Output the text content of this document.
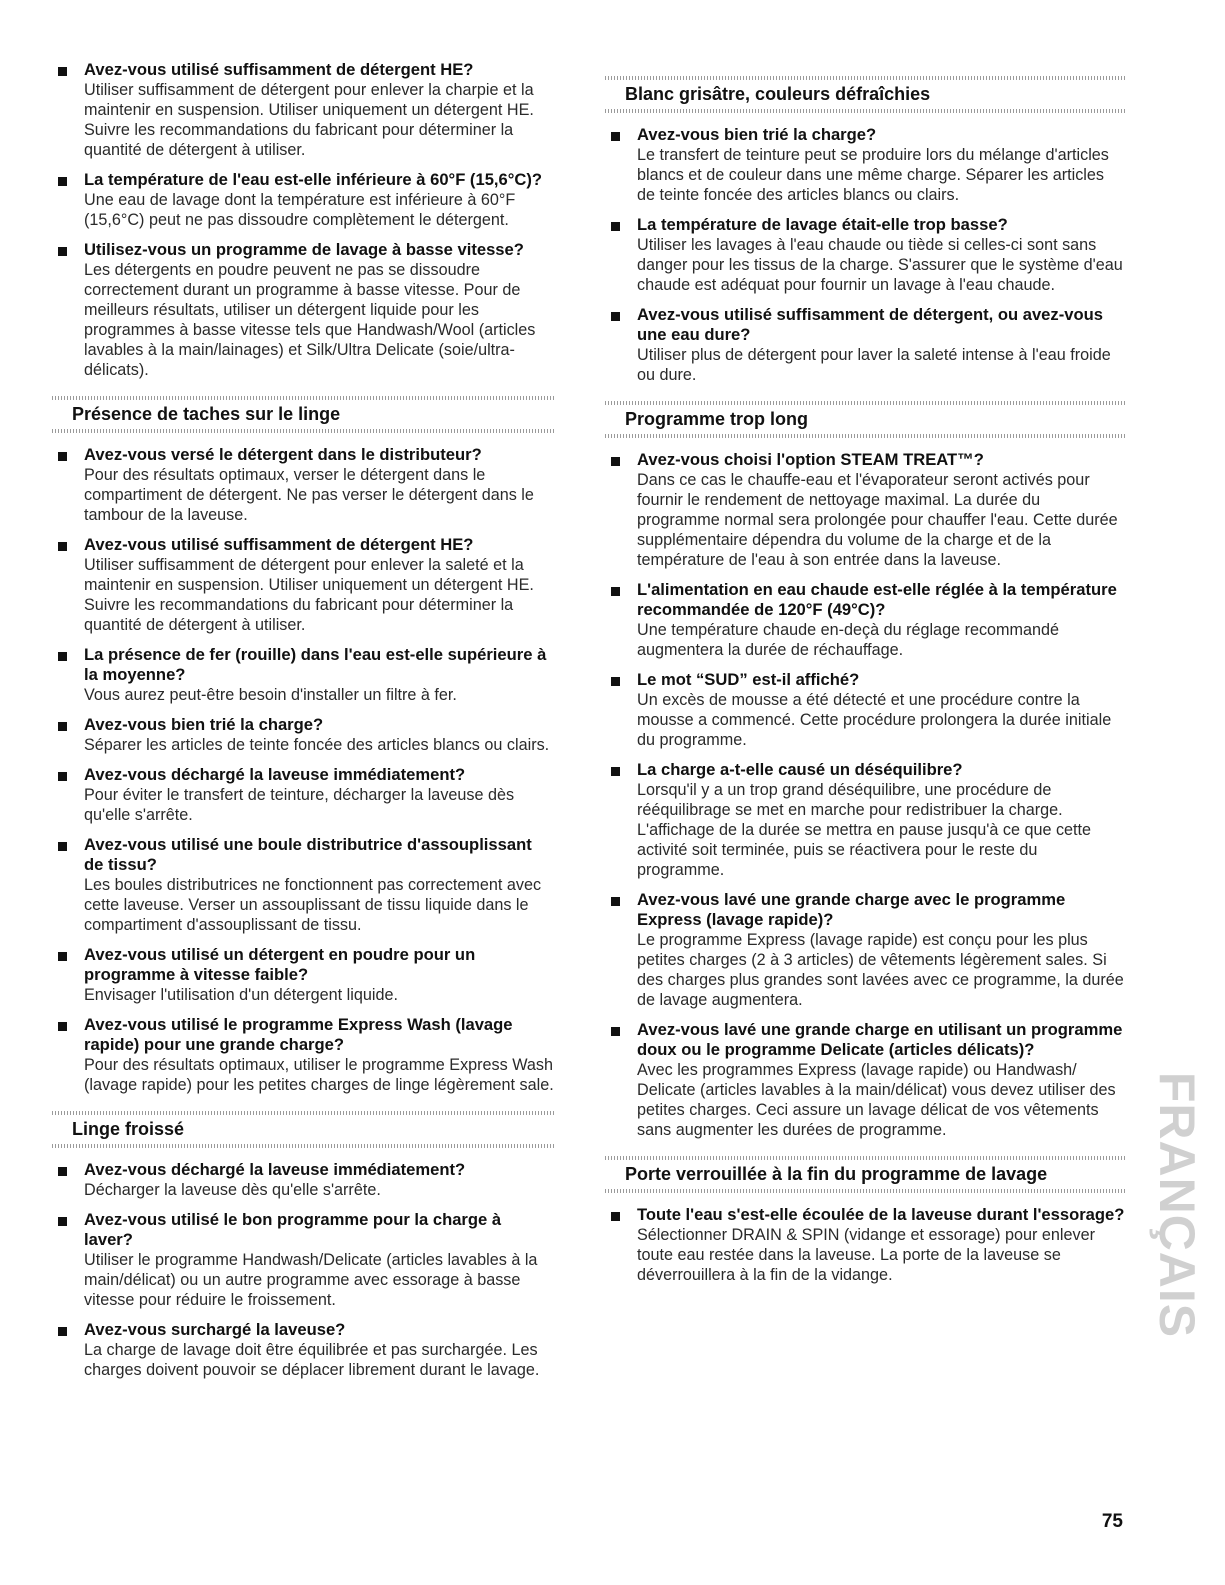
Avez-vous utilisé suffisamment de détergent HE?
Utiliser suffisamment de détergent pour enlever la charpie et la maintenir en suspension. Utiliser uniquement un détergent HE. Suivre les recommandations du fabricant pour déterminer la quantité de détergent à utiliser.
La température de l'eau est-elle inférieure à 60°F (15,6°C)?
Une eau de lavage dont la température est inférieure à 60°F (15,6°C) peut ne pas dissoudre complètement le détergent.
Utilisez-vous un programme de lavage à basse vitesse?
Les détergents en poudre peuvent ne pas se dissoudre correctement durant un programme à basse vitesse. Pour de meilleurs résultats, utiliser un détergent liquide pour les programmes à basse vitesse tels que Handwash/Wool (articles lavables à la main/lainages) et Silk/Ultra Delicate (soie/ultra-délicats).
Présence de taches sur le linge
Avez-vous versé le détergent dans le distributeur?
Pour des résultats optimaux, verser le détergent dans le compartiment de détergent. Ne pas verser le détergent dans le tambour de la laveuse.
Avez-vous utilisé suffisamment de détergent HE?
Utiliser suffisamment de détergent pour enlever la saleté et la maintenir en suspension. Utiliser uniquement un détergent HE. Suivre les recommandations du fabricant pour déterminer la quantité de détergent à utiliser.
La présence de fer (rouille) dans l'eau est-elle supérieure à la moyenne?
Vous aurez peut-être besoin d'installer un filtre à fer.
Avez-vous bien trié la charge?
Séparer les articles de teinte foncée des articles blancs ou clairs.
Avez-vous déchargé la laveuse immédiatement?
Pour éviter le transfert de teinture, décharger la laveuse dès qu'elle s'arrête.
Avez-vous utilisé une boule distributrice d'assouplissant de tissu?
Les boules distributrices ne fonctionnent pas correctement avec cette laveuse. Verser un assouplissant de tissu liquide dans le compartiment d'assouplissant de tissu.
Avez-vous utilisé un détergent en poudre pour un programme à vitesse faible?
Envisager l'utilisation d'un détergent liquide.
Avez-vous utilisé le programme Express Wash (lavage rapide) pour une grande charge?
Pour des résultats optimaux, utiliser le programme Express Wash (lavage rapide) pour les petites charges de linge légèrement sale.
Linge froissé
Avez-vous déchargé la laveuse immédiatement?
Décharger la laveuse dès qu'elle s'arrête.
Avez-vous utilisé le bon programme pour la charge à laver?
Utiliser le programme Handwash/Delicate (articles lavables à la main/délicat) ou un autre programme avec essorage à basse vitesse pour réduire le froissement.
Avez-vous surchargé la laveuse?
La charge de lavage doit être équilibrée et pas surchargée. Les charges doivent pouvoir se déplacer librement durant le lavage.
Blanc grisâtre, couleurs défraîchies
Avez-vous bien trié la charge?
Le transfert de teinture peut se produire lors du mélange d'articles blancs et de couleur dans une même charge. Séparer les articles de teinte foncée des articles blancs ou clairs.
La température de lavage était-elle trop basse?
Utiliser les lavages à l'eau chaude ou tiède si celles-ci sont sans danger pour les tissus de la charge. S'assurer que le système d'eau chaude est adéquat pour fournir un lavage à l'eau chaude.
Avez-vous utilisé suffisamment de détergent, ou avez-vous une eau dure?
Utiliser plus de détergent pour laver la saleté intense à l'eau froide ou dure.
Programme trop long
Avez-vous choisi l'option STEAM TREAT™?
Dans ce cas le chauffe-eau et l'évaporateur seront activés pour fournir le rendement de nettoyage maximal. La durée du programme normal sera prolongée pour chauffer l'eau. Cette durée supplémentaire dépendra du volume de la charge et de la température de l'eau à son entrée dans la laveuse.
L'alimentation en eau chaude est-elle réglée à la température recommandée de 120°F (49°C)?
Une température chaude en-deçà du réglage recommandé augmentera la durée de réchauffage.
Le mot “SUD” est-il affiché?
Un excès de mousse a été détecté et une procédure contre la mousse a commencé. Cette procédure prolongera la durée initiale du programme.
La charge a-t-elle causé un déséquilibre?
Lorsqu'il y a un trop grand déséquilibre, une procédure de rééquilibrage se met en marche pour redistribuer la charge. L'affichage de la durée se mettra en pause jusqu'à ce que cette activité soit terminée, puis se réactivera pour le reste du programme.
Avez-vous lavé une grande charge avec le programme Express (lavage rapide)?
Le programme Express (lavage rapide) est conçu pour les plus petites charges (2 à 3 articles) de vêtements légèrement sales. Si des charges plus grandes sont lavées avec ce programme, la durée de lavage augmentera.
Avez-vous lavé une grande charge en utilisant un programme doux ou le programme Delicate (articles délicats)?
Avec les programmes Express (lavage rapide) ou Handwash/ Delicate (articles lavables à la main/délicat) vous devez utiliser des petites charges. Ceci assure un lavage délicat de vos vêtements sans augmenter les durées de programme.
Porte verrouillée à la fin du programme de lavage
Toute l'eau s'est-elle écoulée de la laveuse durant l'essorage?
Sélectionner DRAIN & SPIN (vidange et essorage) pour enlever toute eau restée dans la laveuse. La porte de la laveuse se déverrouillera à la fin de la vidange.	FRANÇAIS
75
